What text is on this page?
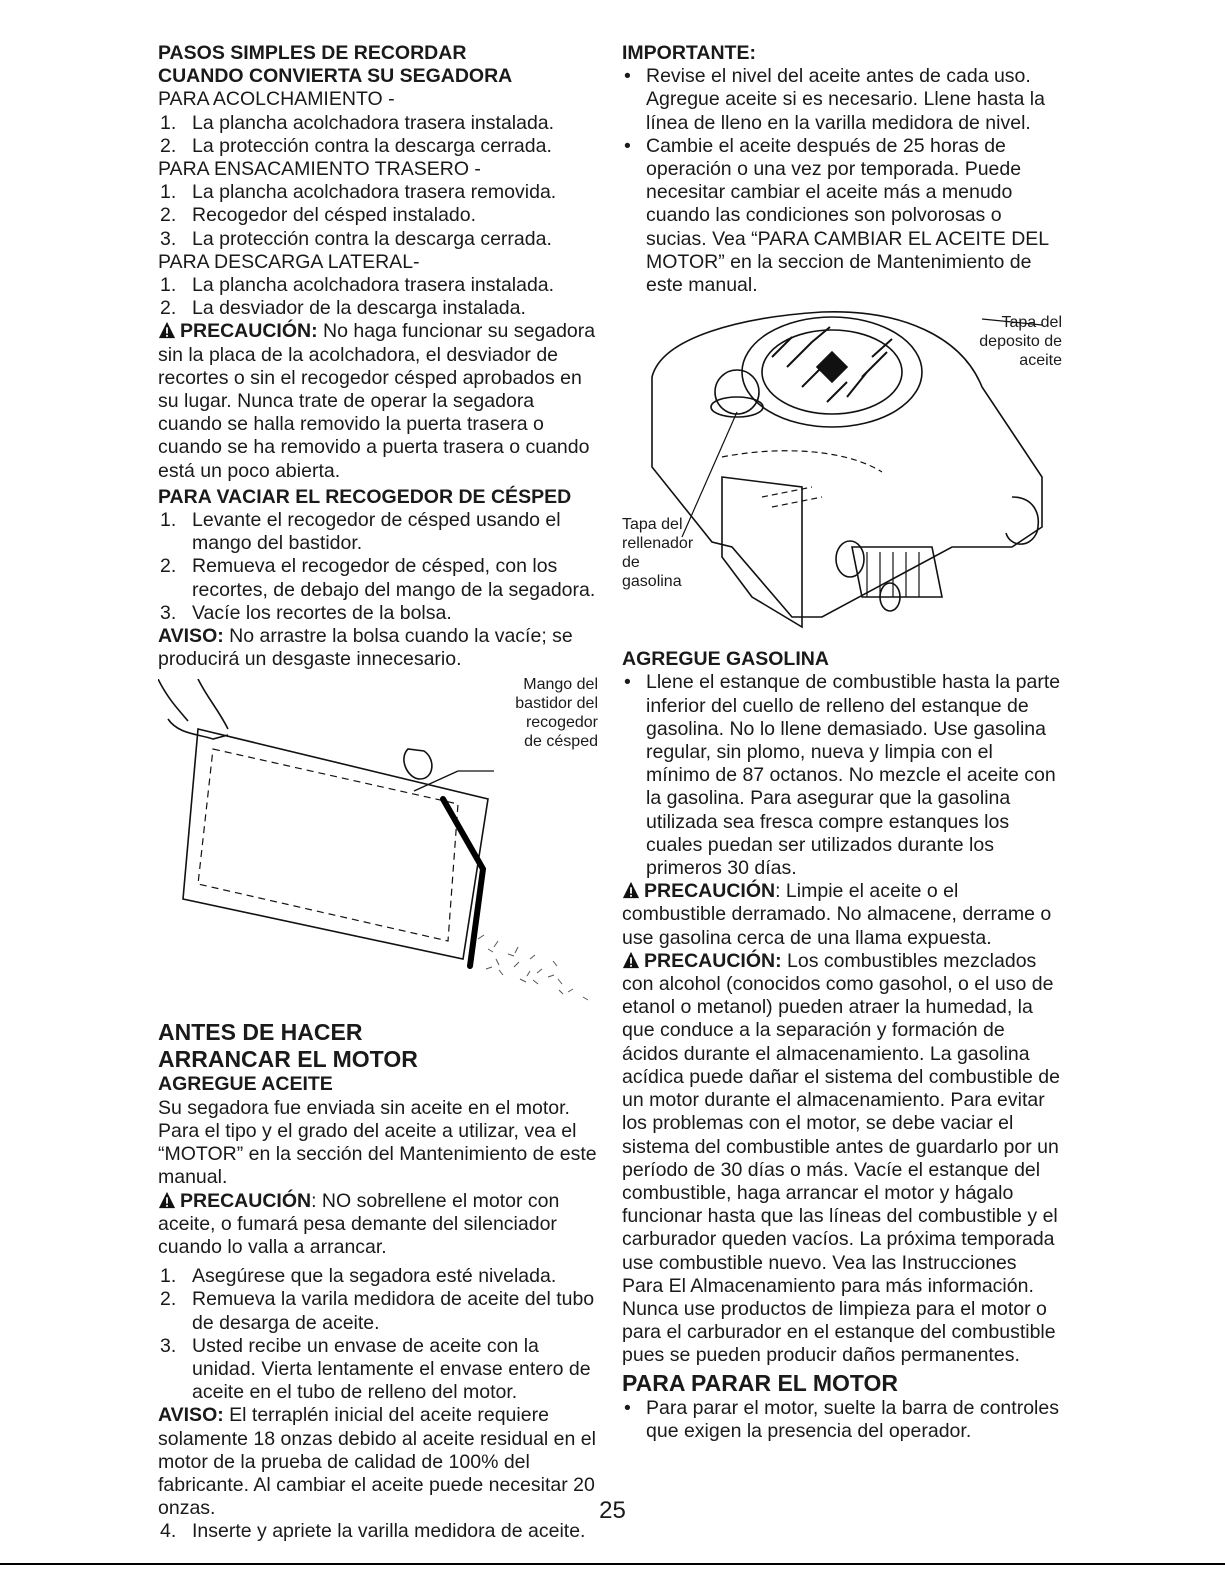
PASOS SIMPLES DE RECORDAR

CUANDO CONVIERTA SU SEGADORA

PARA ACOLCHAMIENTO -

1. La plancha acolchadora trasera instalada.
2. La protección contra la descarga cerrada.

PARA ENSACAMIENTO TRASERO -

1. La plancha acolchadora trasera removida.
2. Recogedor del césped instalado.
3. La protección contra la descarga cerrada.

PARA DESCARGA LATERAL-

1. La plancha acolchadora trasera instalada.
2. La desviador de la descarga instalada.

PRECAUCIÓN: No haga funcionar su segadora sin la placa de la acolchadora, el desviador de recortes o sin el recogedor césped aprobados en su lugar. Nunca trate de operar la segadora cuando se halla removido la puerta trasera o cuando se ha removido a puerta trasera o cuando está un poco abierta.

PARA VACIAR EL RECOGEDOR DE CÉSPED

1. Levante el recogedor de césped usando el mango del bastidor.
2. Remueva el recogedor de césped, con los recortes, de debajo del mango de la segadora.
3. Vacíe los recortes de la bolsa.

AVISO: No arrastre la bolsa cuando la vacíe; se producirá un desgaste innecesario.

Mango del
bastidor del
recogedor
de césped

ANTES DE HACER

ARRANCAR EL MOTOR

AGREGUE ACEITE

Su segadora fue enviada sin aceite en el motor. Para el tipo y el grado del aceite a utilizar, vea el “MOTOR” en la sección del Mantenimiento de este manual.

PRECAUCIÓN: NO sobrellene el motor con aceite, o fumará pesa demante del silenciador cuando lo valla a arrancar.

1. Asegúrese que la segadora esté nivelada.
2. Remueva la varila medidora de aceite del tubo de desarga de aceite.
3. Usted recibe un envase de aceite con la unidad. Vierta lentamente el envase entero de aceite en el tubo de relleno del motor.

AVISO: El terraplén inicial del aceite requiere solamente 18 onzas debido al aceite residual en el motor de la prueba de calidad de 100% del fabricante. Al cambiar el aceite puede necesitar 20 onzas.

4. Inserte y apriete la varilla medidora de aceite.

IMPORTANTE:

• Revise el nivel del aceite antes de cada uso. Agregue aceite si es necesario. Llene hasta la línea de lleno en la varilla medidora de nivel.
• Cambie el aceite después de 25 horas de operación o una vez por temporada. Puede necesitar cambiar el aceite más a menudo cuando las condiciones son polvorosas o sucias. Vea “PARA CAMBIAR EL ACEITE DEL MOTOR” en la seccion de Mantenimiento de este manual.
Tapa del
deposito de
aceite
Tapa del
rellenador
de
gasolina

AGREGUE GASOLINA

• Llene el estanque de combustible hasta la parte inferior del cuello de relleno del estanque de gasolina. No lo llene demasiado. Use gasolina regular, sin plomo, nueva y limpia con el mínimo de 87 octanos. No mezcle el aceite con la gasolina. Para asegurar que la gasolina utilizada sea fresca compre estanques los cuales puedan ser utilizados durante los primeros 30 días.

PRECAUCIÓN: Limpie el aceite o el combustible derramado. No almacene, derrame o use gasolina cerca de una llama expuesta.

PRECAUCIÓN: Los combustibles mezclados con alcohol (conocidos como gasohol, o el uso de etanol o metanol) pueden atraer la humedad, la que conduce a la separación y formación de ácidos durante el almacenamiento. La gasolina acídica puede dañar el sistema del combustible de un motor durante el almacenamiento. Para evitar los problemas con el motor, se debe vaciar el sistema del combustible antes de guardarlo por un período de 30 días o más. Vacíe el estanque del combustible, haga arrancar el motor y hágalo funcionar hasta que las líneas del combustible y el carburador queden vacíos. La próxima temporada use combustible nuevo. Vea las Instrucciones Para El Almacenamiento para más información. Nunca use productos de limpieza para el motor o para el carburador en el estanque del combustible pues se pueden producir daños permanentes.

PARA PARAR EL MOTOR

• Para parar el motor, suelte la barra de controles que exigen la presencia del operador.
25
